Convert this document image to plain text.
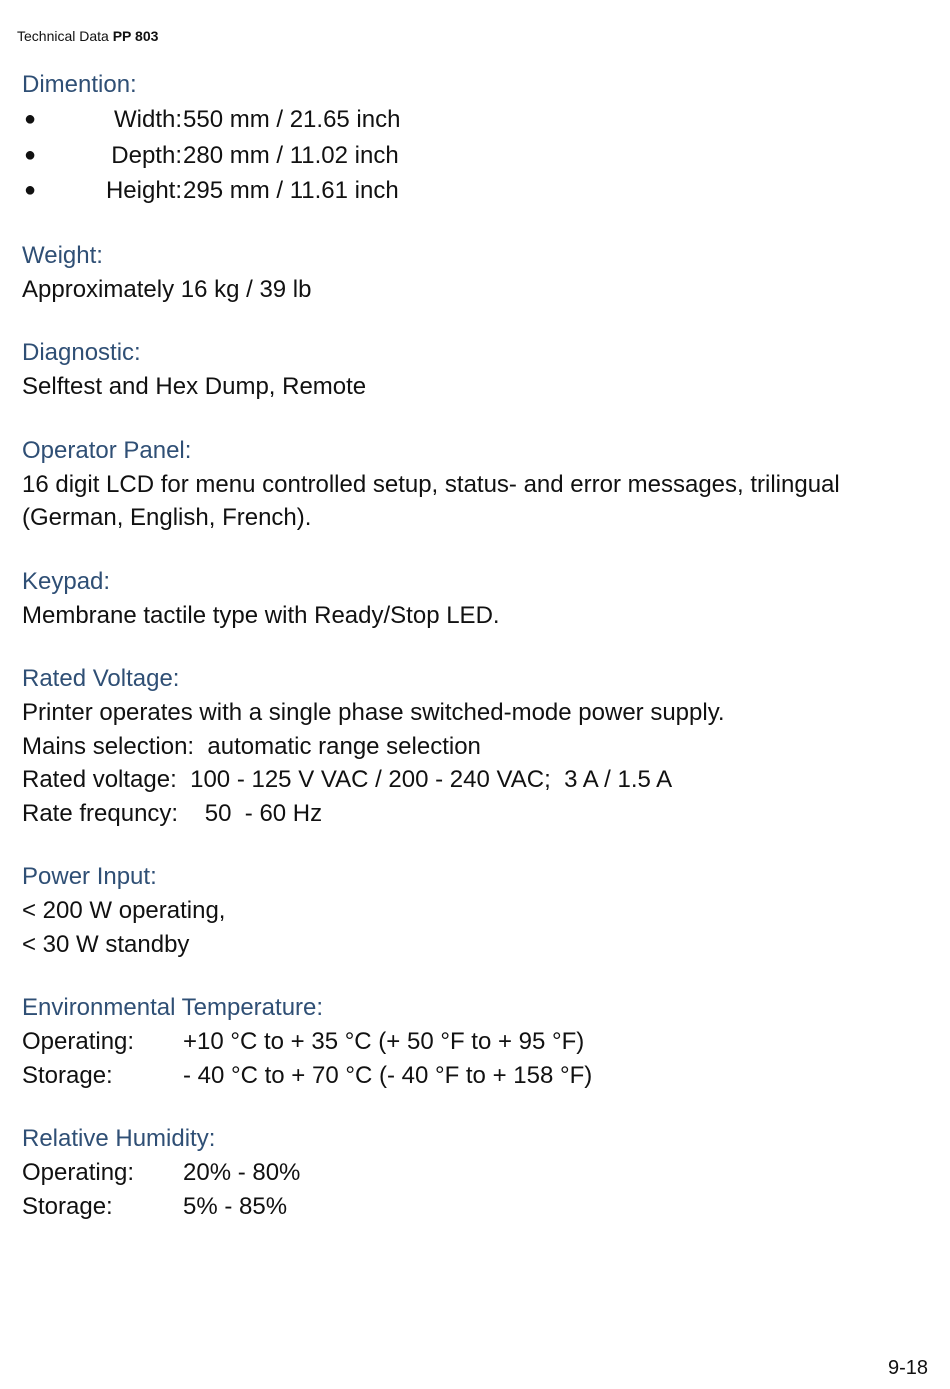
Technical Data PP 803
Dimention:
●	Width: 550 mm / 21.65 inch
●	Depth: 280 mm / 11.02 inch
●	Height: 295 mm / 11.61 inch
Weight:
Approximately 16 kg / 39 lb
Diagnostic:
Selftest and Hex Dump, Remote
Operator Panel:
16 digit LCD for menu controlled setup, status- and error messages, trilingual (German, English, French).
Keypad:
Membrane tactile type with Ready/Stop LED.
Rated Voltage:
Printer operates with a single phase switched-mode power supply.
Mains selection:  automatic range selection
Rated voltage:  100 - 125 V VAC / 200 - 240 VAC;  3 A / 1.5 A
Rate frequncy:    50  - 60 Hz
Power Input:
< 200 W operating,
< 30 W standby
Environmental Temperature:
Operating: +10 °C to + 35 °C (+ 50 °F to + 95 °F)
Storage:	- 40 °C to + 70 °C (- 40 °F to + 158 °F)
Relative Humidity:
Operating: 20% - 80%
Storage:	5% - 85%
9-18
